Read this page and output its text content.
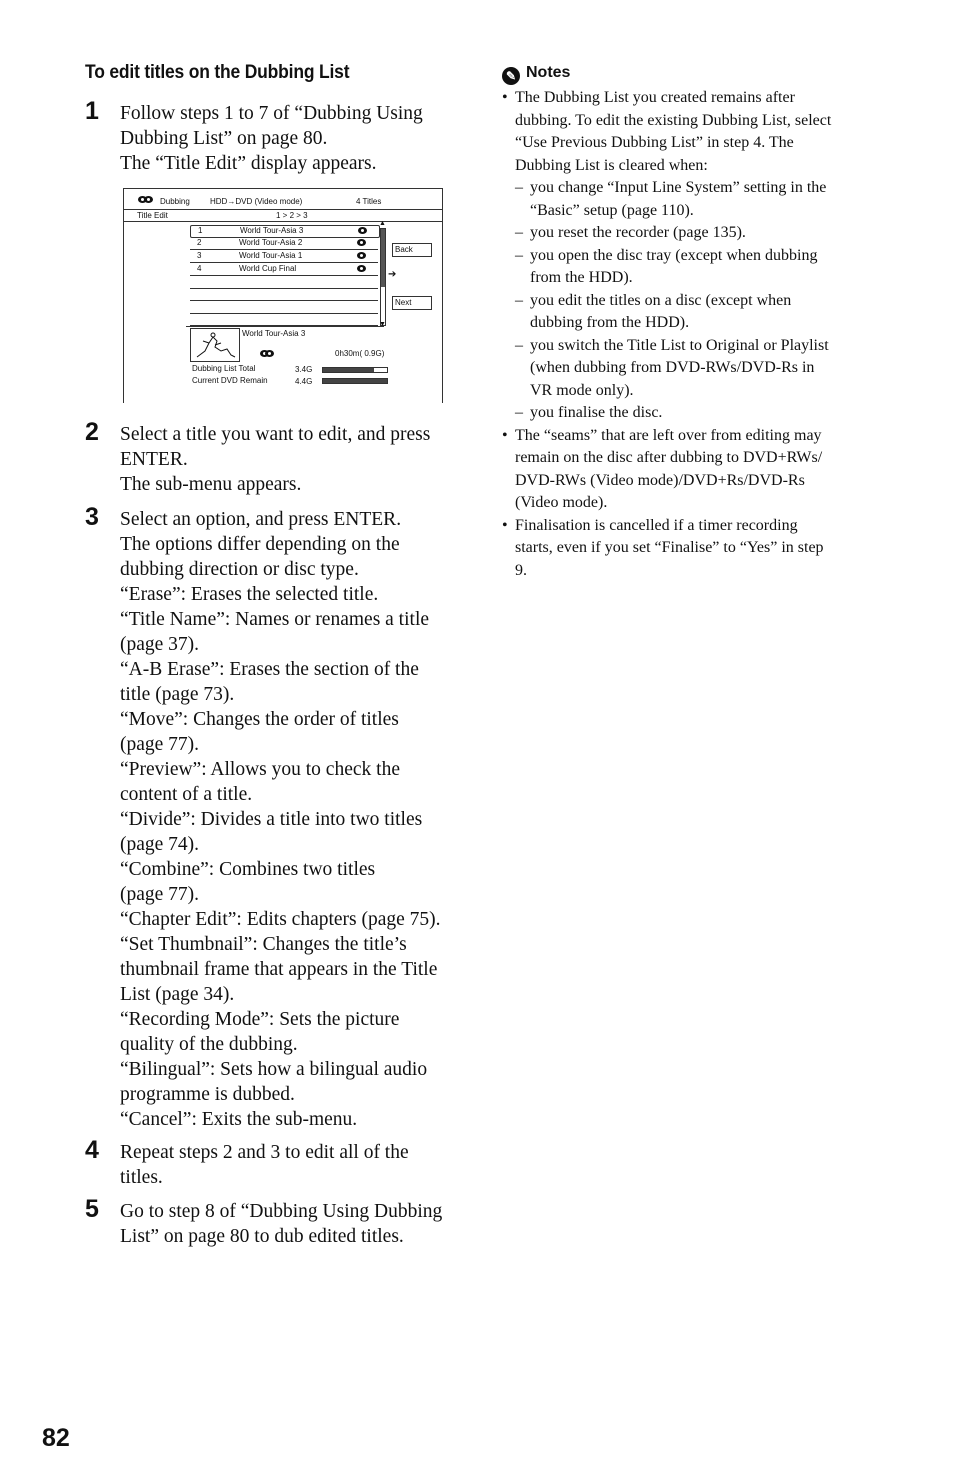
To edit titles on the Dubbing List
1 Follow steps 1 to 7 of “Dubbing Using
Dubbing List” on page 80.
The “Title Edit” display appears.
Dubbing	HDD→DVD (Video mode)	4 Titles
Title Edit	1 > 2 > 3
1	World Tour-Asia 3
2	World Tour-Asia 2
3	World Tour-Asia 1
4	World Cup Final
▲
▼
Back
➔
Next
World Tour-Asia 3
0h30m( 0.9G)
Dubbing List Total	3.4G
Current DVD Remain	4.4G
2 Select a title you want to edit, and press
ENTER.
The sub-menu appears.
3 Select an option, and press ENTER.
The options differ depending on the
dubbing direction or disc type.
“Erase”: Erases the selected title.
“Title Name”: Names or renames a title
(page 37).
“A-B Erase”: Erases the section of the
title (page 73).
“Move”: Changes the order of titles
(page 77).
“Preview”: Allows you to check the
content of a title.
“Divide”: Divides a title into two titles
(page 74).
“Combine”: Combines two titles
(page 77).
“Chapter Edit”: Edits chapters (page 75).
“Set Thumbnail”: Changes the title’s
thumbnail frame that appears in the Title
List (page 34).
“Recording Mode”: Sets the picture
quality of the dubbing.
“Bilingual”: Sets how a bilingual audio
programme is dubbed.
“Cancel”: Exits the sub-menu.
4 Repeat steps 2 and 3 to edit all of the
titles.
5 Go to step 8 of “Dubbing Using Dubbing
List” on page 80 to dub edited titles.
✎ Notes
• The Dubbing List you created remains after
dubbing. To edit the existing Dubbing List, select
“Use Previous Dubbing List” in step 4. The
Dubbing List is cleared when:
– you change “Input Line System” setting in the
“Basic” setup (page 110).
– you reset the recorder (page 135).
– you open the disc tray (except when dubbing
from the HDD).
– you edit the titles on a disc (except when
dubbing from the HDD).
– you switch the Title List to Original or Playlist
(when dubbing from DVD-RWs/DVD-Rs in
VR mode only).
– you finalise the disc.
• The “seams” that are left over from editing may
remain on the disc after dubbing to DVD+RWs/
DVD-RWs (Video mode)/DVD+Rs/DVD-Rs
(Video mode).
• Finalisation is cancelled if a timer recording
starts, even if you set “Finalise” to “Yes” in step
9.
82
